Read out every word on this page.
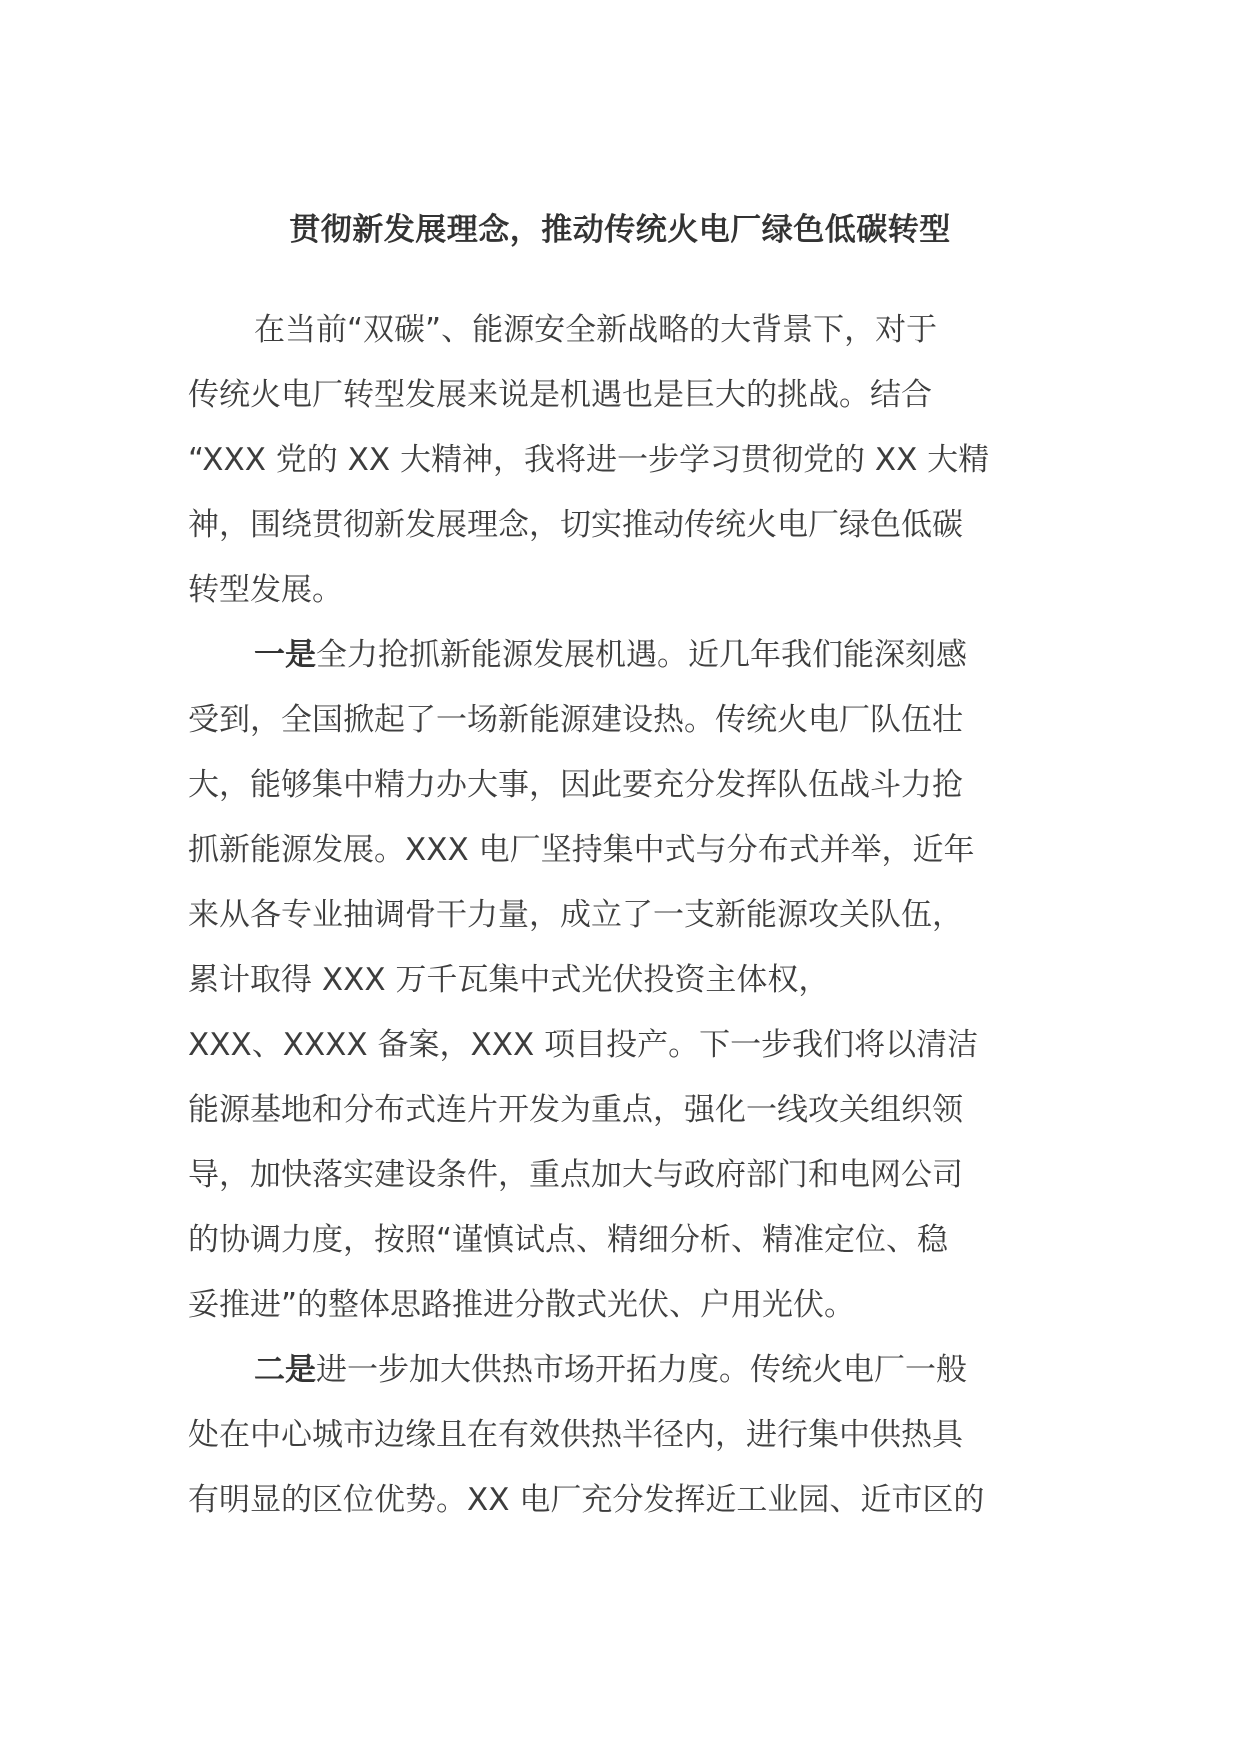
贯彻新发展理念，推动传统火电厂绿色低碳转型

在当前“双碳”、能源安全新战略的大背景下，对于
传统火电厂转型发展来说是机遇也是巨大的挑战。结合
“XXX 党的 XX 大精神，我将进一步学习贯彻党的 XX 大精
神，围绕贯彻新发展理念，切实推动传统火电厂绿色低碳
转型发展。

一是全力抢抓新能源发展机遇。近几年我们能深刻感
受到，全国掀起了一场新能源建设热。传统火电厂队伍壮
大，能够集中精力办大事，因此要充分发挥队伍战斗力抢
抓新能源发展。XXX 电厂坚持集中式与分布式并举，近年
来从各专业抽调骨干力量，成立了一支新能源攻关队伍，
累计取得 XXX 万千瓦集中式光伏投资主体权，
XXX、XXXX 备案，XXX 项目投产。下一步我们将以清洁
能源基地和分布式连片开发为重点，强化一线攻关组织领
导，加快落实建设条件，重点加大与政府部门和电网公司
的协调力度，按照“谨慎试点、精细分析、精准定位、稳
妥推进”的整体思路推进分散式光伏、户用光伏。

二是进一步加大供热市场开拓力度。传统火电厂一般
处在中心城市边缘且在有效供热半径内，进行集中供热具
有明显的区位优势。XX 电厂充分发挥近工业园、近市区的
